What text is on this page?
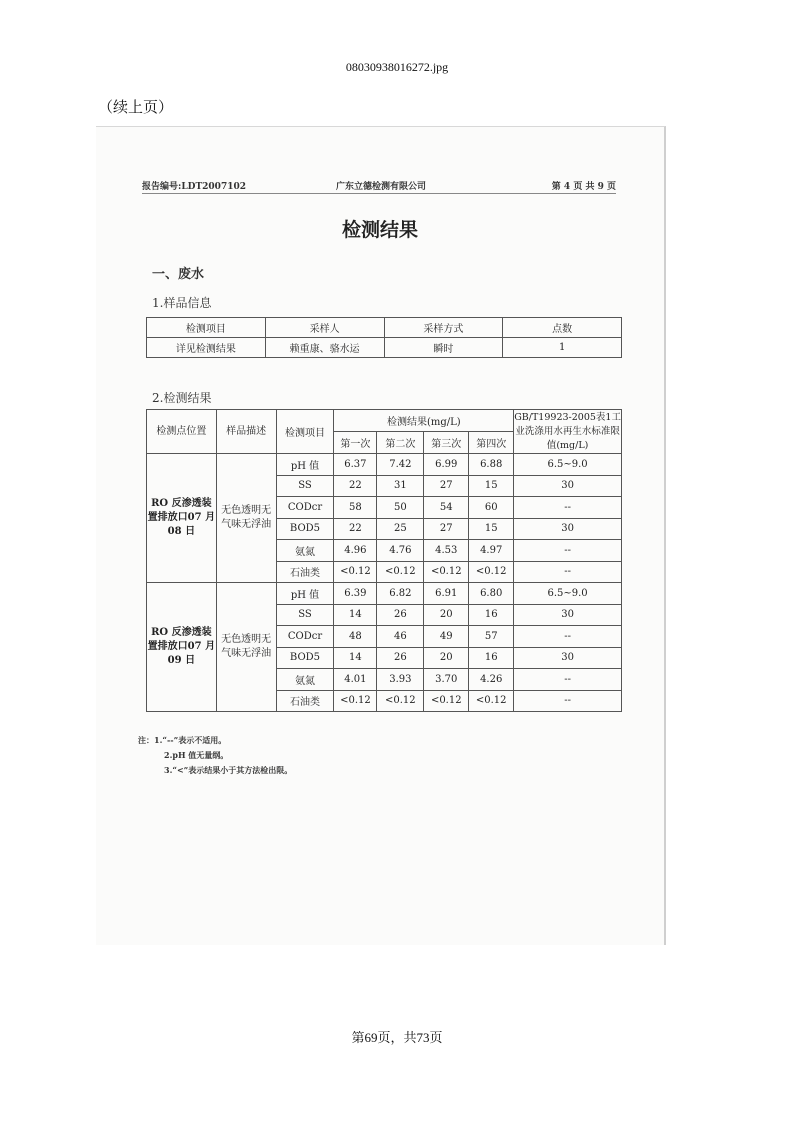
08030938016272.jpg
（续上页）
报告编号:LDT2007102	广东立德检测有限公司	第 4 页 共 9 页
检测结果
一、废水
1.样品信息
检测项目	采样人	采样方式	点数
详见检测结果	赖重康、骆水运	瞬时	1
2.检测结果
检测点位置	样品描述	检测项目	检测结果(mg/L)				GB/T19923-2005表1工业洗涤用水再生水标准限值(mg/L)
			第一次	第二次	第三次	第四次	
RO 反渗透装置排放口07 月 08 日	无色透明无气味无浮油	pH 值	6.37	7.42	6.99	6.88	6.5~9.0
		SS	22	31	27	15	30
		CODcr	58	50	54	60	--
		BOD5	22	25	27	15	30
		氨氮	4.96	4.76	4.53	4.97	--
		石油类	<0.12	<0.12	<0.12	<0.12	--
RO 反渗透装置排放口07 月 09 日	无色透明无气味无浮油	pH 值	6.39	6.82	6.91	6.80	6.5~9.0
		SS	14	26	20	16	30
		CODcr	48	46	49	57	--
		BOD5	14	26	20	16	30
		氨氮	4.01	3.93	3.70	4.26	--
		石油类	<0.12	<0.12	<0.12	<0.12	--
注：1.“--”表示不适用。
2.pH 值无量纲。
3.“<”表示结果小于其方法检出限。
第69页，共73页
